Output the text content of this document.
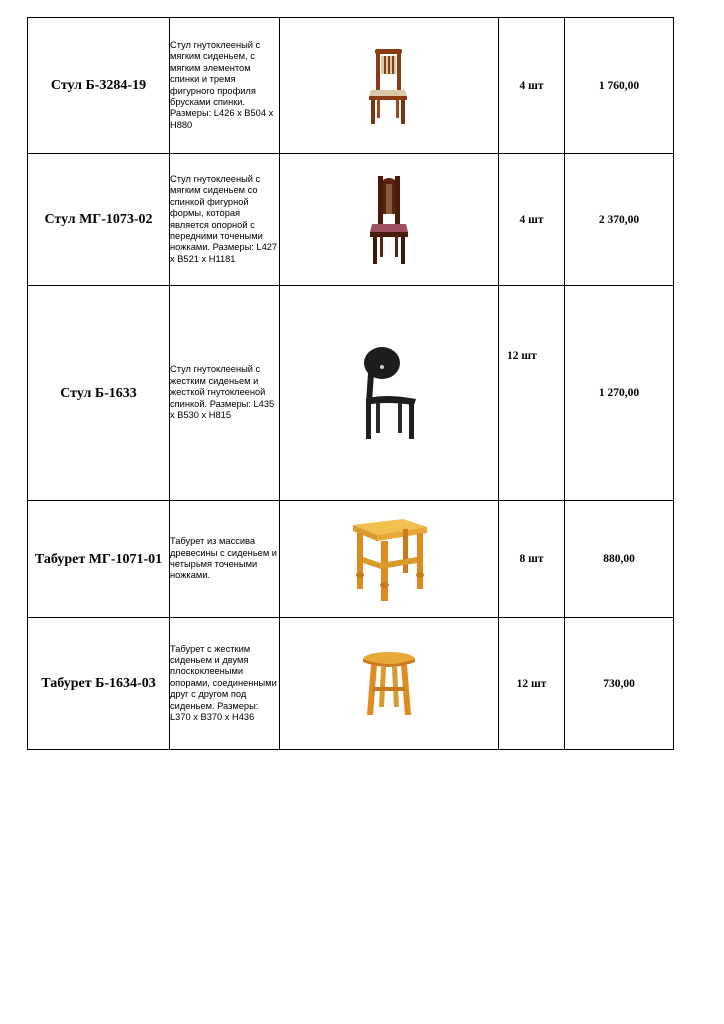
Стул Б-3284-19	Стул гнутоклееный с мягким сиденьем, с мягким элементом спинки и тремя фигурного профиля брусками спинки. Размеры: L426 х B504 х H880		4 шт	1 760,00
Стул МГ-1073-02	Стул гнутоклееный с мягким сиденьем со спинкой фигурной формы, которая является опорной с передними точеными ножками. Размеры: L427 х B521 х H1181		4 шт	2 370,00
Стул Б-1633	Стул гнутоклееный с жестким сиденьем и жесткой гнутоклееной спинкой. Размеры: L435 х B530 х H815		12 шт	1 270,00
Табурет МГ-1071-01	Табурет из массива древесины с сиденьем и четырьмя точеными ножками.		8 шт	880,00
Табурет Б-1634-03	Табурет с жестким сиденьем и двумя плоскоклееными опорами, соединенными друг с другом под сиденьем. Размеры: L370 х B370 х H436		12 шт	730,00
